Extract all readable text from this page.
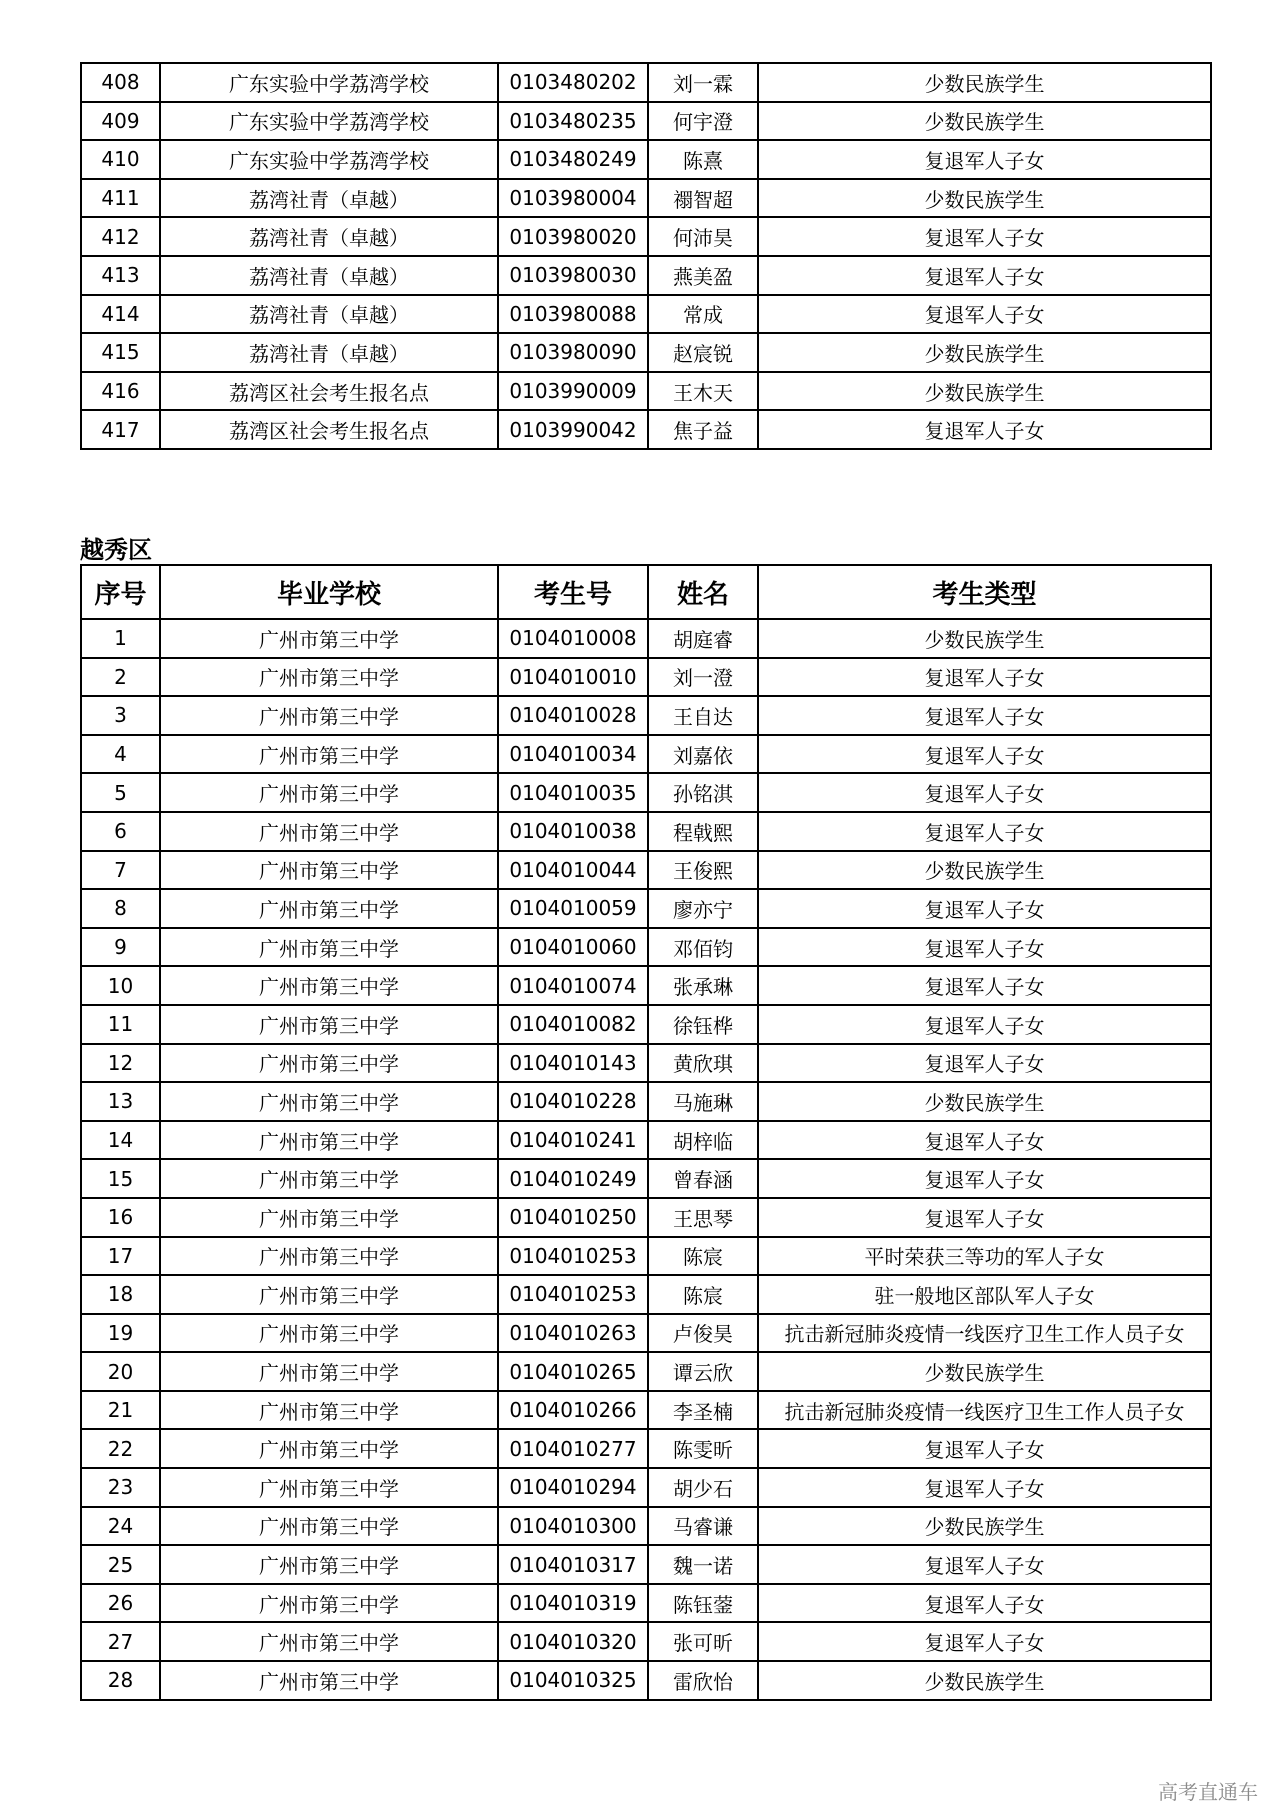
408	广东实验中学荔湾学校	0103480202	刘一霖	少数民族学生
409	广东实验中学荔湾学校	0103480235	何宇澄	少数民族学生
410	广东实验中学荔湾学校	0103480249	陈熹	复退军人子女
411	荔湾社青（卓越）	0103980004	禤智超	少数民族学生
412	荔湾社青（卓越）	0103980020	何沛昊	复退军人子女
413	荔湾社青（卓越）	0103980030	燕美盈	复退军人子女
414	荔湾社青（卓越）	0103980088	常成	复退军人子女
415	荔湾社青（卓越）	0103980090	赵宸锐	少数民族学生
416	荔湾区社会考生报名点	0103990009	王木天	少数民族学生
417	荔湾区社会考生报名点	0103990042	焦子益	复退军人子女
越秀区
序号	毕业学校	考生号	姓名	考生类型
1	广州市第三中学	0104010008	胡庭睿	少数民族学生
2	广州市第三中学	0104010010	刘一澄	复退军人子女
3	广州市第三中学	0104010028	王自达	复退军人子女
4	广州市第三中学	0104010034	刘嘉依	复退军人子女
5	广州市第三中学	0104010035	孙铭淇	复退军人子女
6	广州市第三中学	0104010038	程戟熙	复退军人子女
7	广州市第三中学	0104010044	王俊熙	少数民族学生
8	广州市第三中学	0104010059	廖亦宁	复退军人子女
9	广州市第三中学	0104010060	邓佰钧	复退军人子女
10	广州市第三中学	0104010074	张承琳	复退军人子女
11	广州市第三中学	0104010082	徐钰桦	复退军人子女
12	广州市第三中学	0104010143	黄欣琪	复退军人子女
13	广州市第三中学	0104010228	马施琳	少数民族学生
14	广州市第三中学	0104010241	胡梓临	复退军人子女
15	广州市第三中学	0104010249	曾春涵	复退军人子女
16	广州市第三中学	0104010250	王思琴	复退军人子女
17	广州市第三中学	0104010253	陈宸	平时荣获三等功的军人子女
18	广州市第三中学	0104010253	陈宸	驻一般地区部队军人子女
19	广州市第三中学	0104010263	卢俊昊	抗击新冠肺炎疫情一线医疗卫生工作人员子女
20	广州市第三中学	0104010265	谭云欣	少数民族学生
21	广州市第三中学	0104010266	李圣楠	抗击新冠肺炎疫情一线医疗卫生工作人员子女
22	广州市第三中学	0104010277	陈雯昕	复退军人子女
23	广州市第三中学	0104010294	胡少石	复退军人子女
24	广州市第三中学	0104010300	马睿谦	少数民族学生
25	广州市第三中学	0104010317	魏一诺	复退军人子女
26	广州市第三中学	0104010319	陈钰蓥	复退军人子女
27	广州市第三中学	0104010320	张可昕	复退军人子女
28	广州市第三中学	0104010325	雷欣怡	少数民族学生
高考直通车
